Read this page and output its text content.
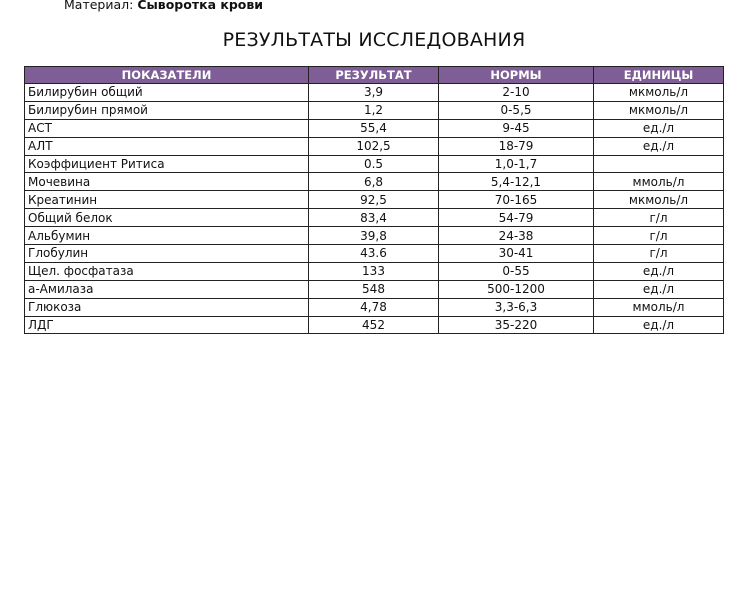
Материал: Сыворотка крови
РЕЗУЛЬТАТЫ ИССЛЕДОВАНИЯ
ПОКАЗАТЕЛИ	РЕЗУЛЬТАТ	НОРМЫ	ЕДИНИЦЫ
Билирубин общий	3,9	2-10	мкмоль/л
Билирубин прямой	1,2	0-5,5	мкмоль/л
АСТ	55,4	9-45	ед./л
АЛТ	102,5	18-79	ед./л
Коэффициент Ритиса	0.5	1,0-1,7	
Мочевина	6,8	5,4-12,1	ммоль/л
Креатинин	92,5	70-165	мкмоль/л
Общий белок	83,4	54-79	г/л
Альбумин	39,8	24-38	г/л
Глобулин	43.6	30-41	г/л
Щел. фосфатаза	133	0-55	ед./л
а-Амилаза	548	500-1200	ед./л
Глюкоза	4,78	3,3-6,3	ммоль/л
ЛДГ	452	35-220	ед./л
